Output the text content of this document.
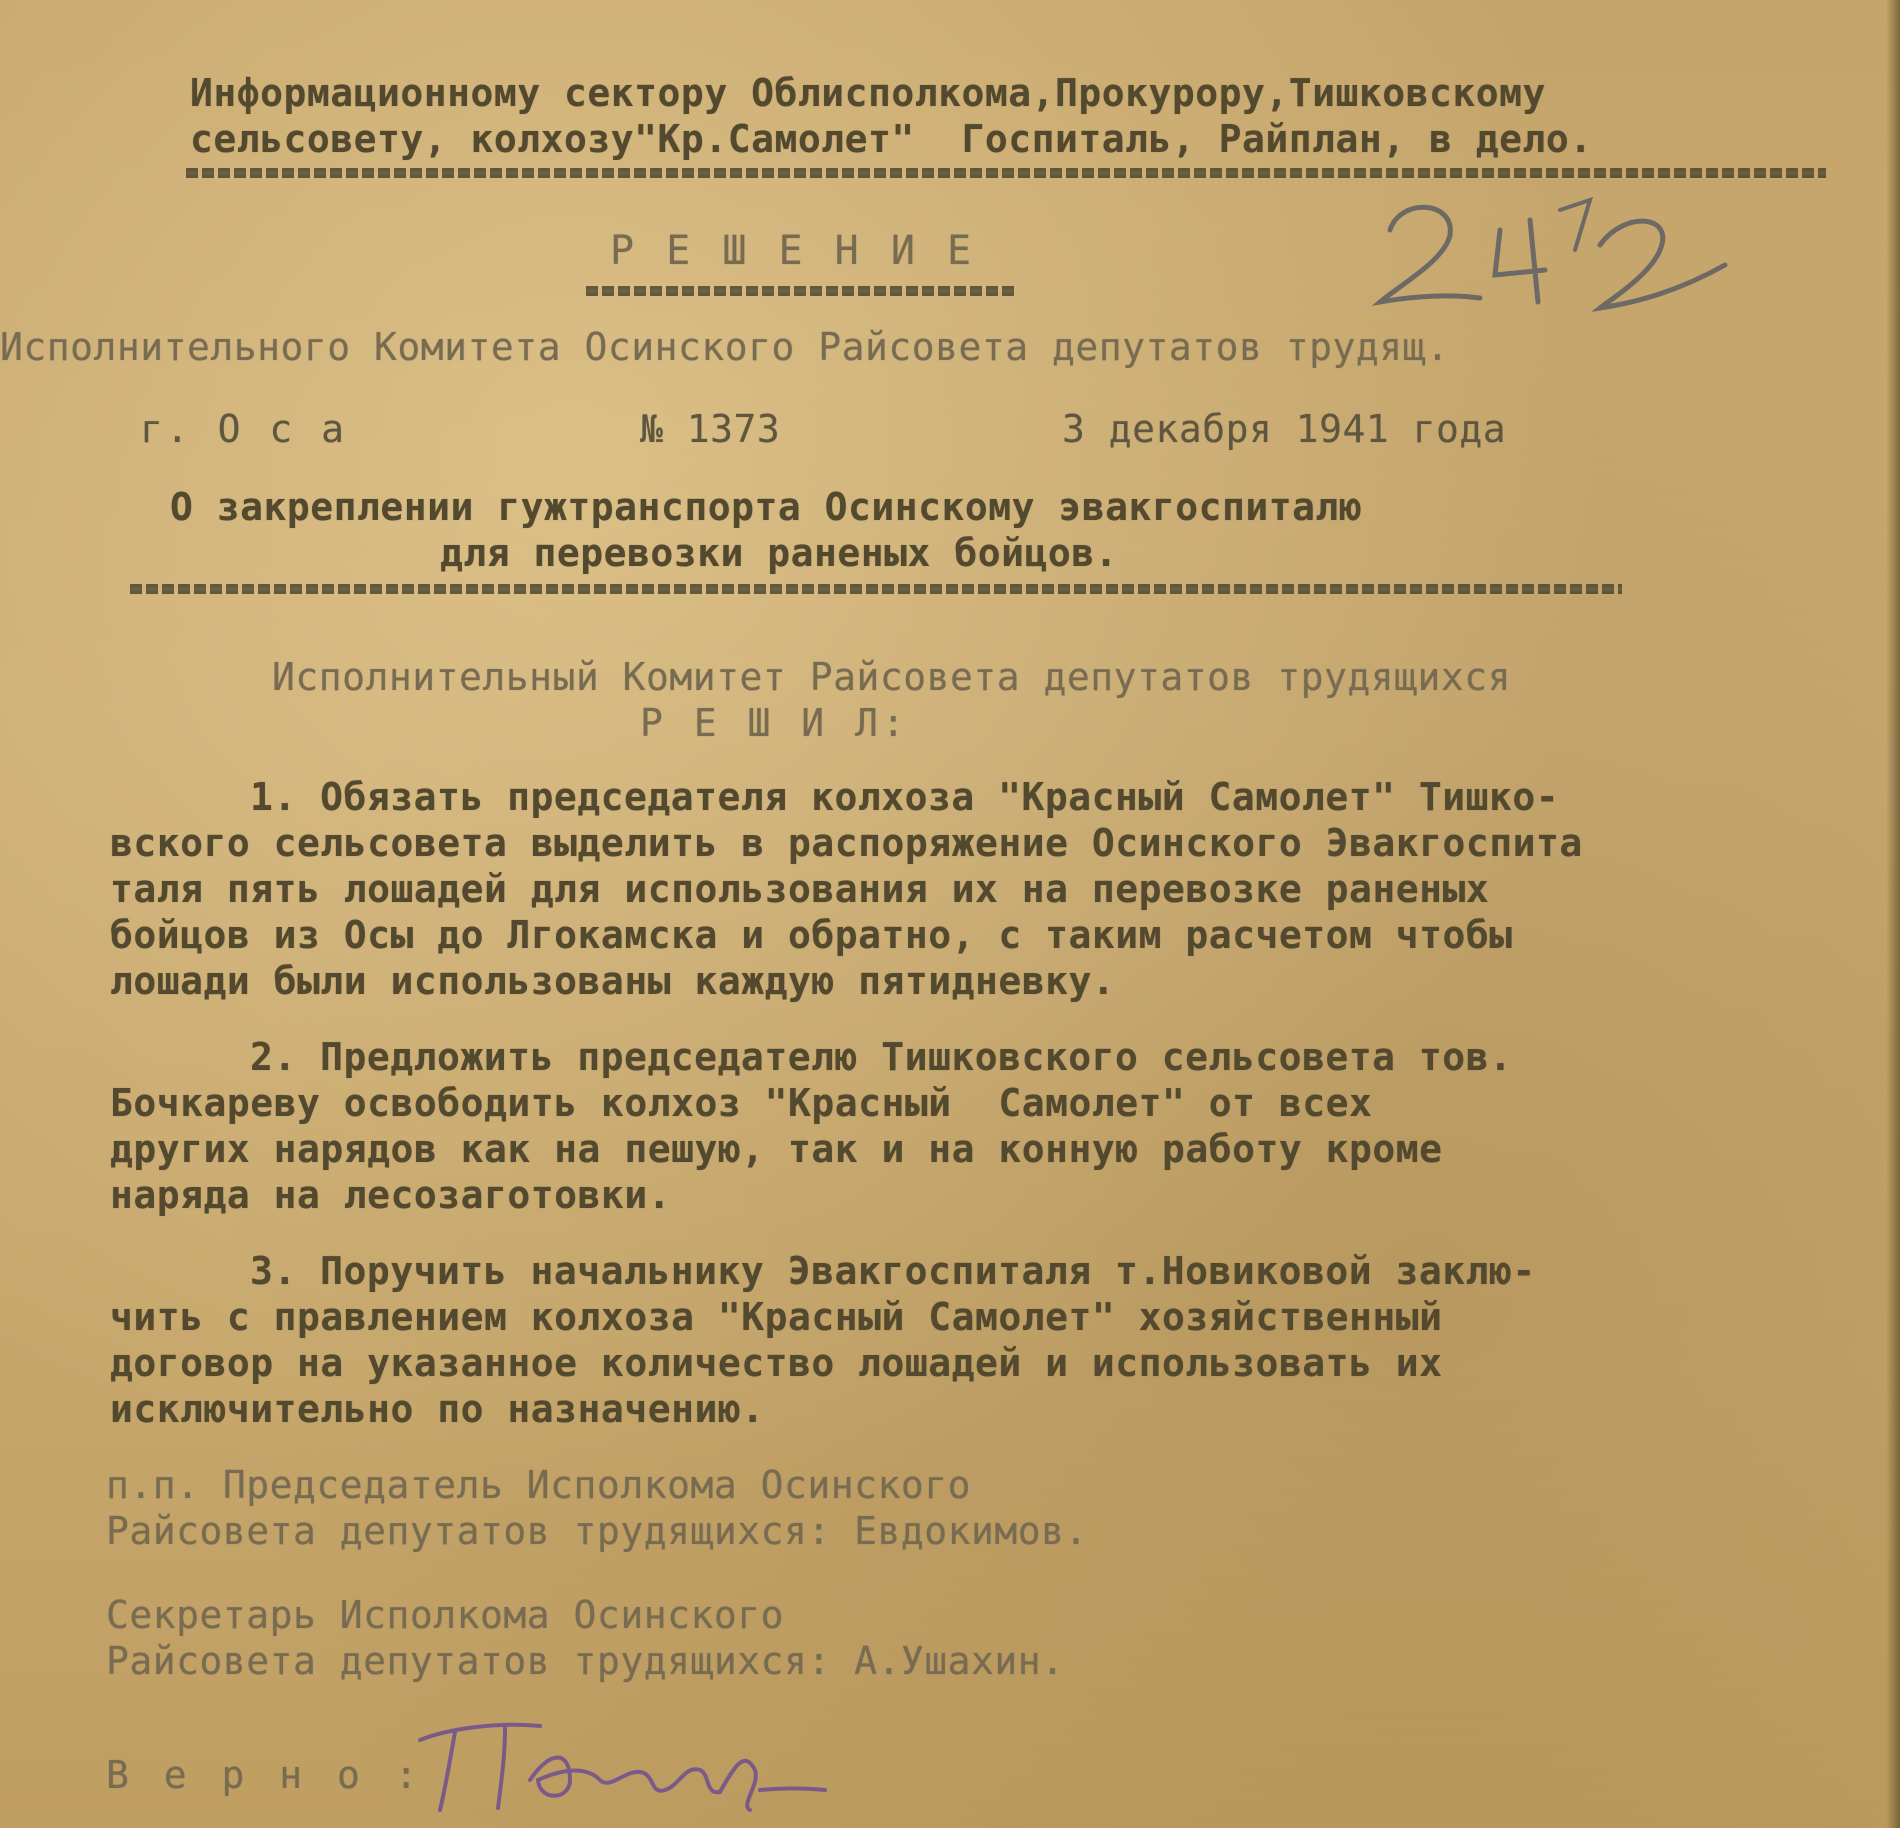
Информационному сектору Облисполкома,Прокурору,Тишковскому
сельсовету, колхозу"Кр.Самолет"  Госпиталь, Райплан, в дело.
Р Е Ш Е Н И Е
Исполнительного Комитета Осинского Райсовета депутатов трудящ.
г. О с а	№ 1373	3 декабря 1941 года
О закреплении гужтранспорта Осинскому эвакгоспиталю
для перевозки раненых бойцов.
Исполнительный Комитет Райсовета депутатов трудящихся
Р Е Ш И Л:
1. Обязать председателя колхоза "Красный Самолет" Тишко-
вского сельсовета выделить в распоряжение Осинского Эвакгоспита
таля пять лошадей для использования их на перевозке раненых
бойцов из Осы до Лгокамска и обратно, с таким расчетом чтобы
лошади были использованы каждую пятидневку.
2. Предложить председателю Тишковского сельсовета тов.
Бочкареву освободить колхоз "Красный  Самолет" от всех
других нарядов как на пешую, так и на конную работу кроме
наряда на лесозаготовки.
3. Поручить начальнику Эвакгоспиталя т.Новиковой заклю-
чить с правлением колхоза "Красный Самолет" хозяйственный
договор на указанное количество лошадей и использовать их
исключительно по назначению.
п.п. Председатель Исполкома Осинского
Райсовета депутатов трудящихся: Евдокимов.
Секретарь Исполкома Осинского
Райсовета депутатов трудящихся: А.Ушахин.
В е р н о :
